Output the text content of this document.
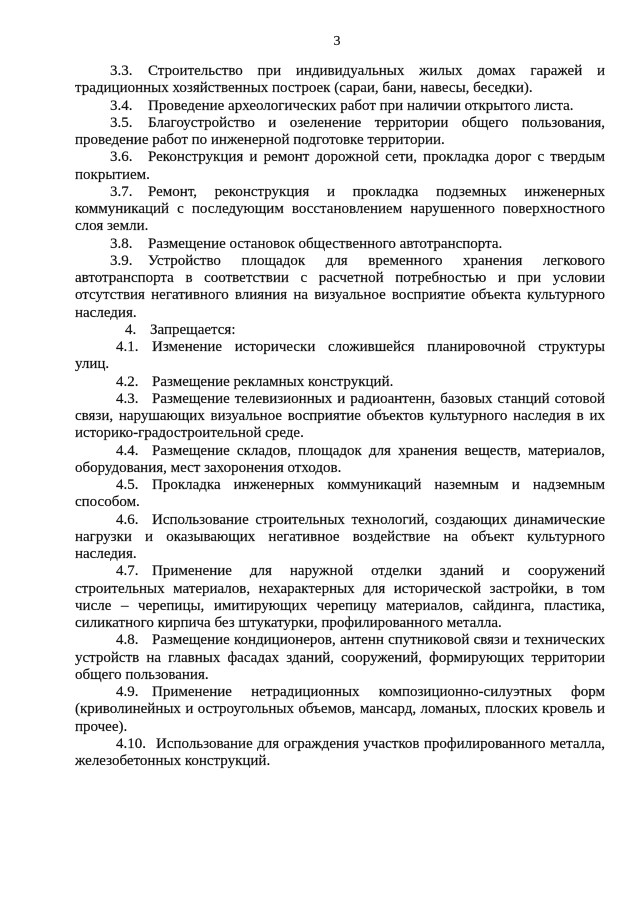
3
3.3.	Строительство при индивидуальных жилых домах гаражей и
традиционных хозяйственных построек (сараи, бани, навесы, беседки).
3.4.	Проведение археологических работ при наличии открытого листа.
3.5.	Благоустройство и озеленение территории общего пользования,
проведение работ по инженерной подготовке территории.
3.6.	Реконструкция и ремонт дорожной сети, прокладка дорог с твердым
покрытием.
3.7.	Ремонт, реконструкция и прокладка подземных инженерных
коммуникаций с последующим восстановлением нарушенного поверхностного
слоя земли.
3.8.	Размещение остановок общественного автотранспорта.
3.9.	Устройство площадок для временного хранения легкового
автотранспорта в соответствии с расчетной потребностью и при условии
отсутствия негативного влияния на визуальное восприятие объекта культурного
наследия.
4. Запрещается:
4.1. Изменение исторически сложившейся планировочной структуры
улиц.
4.2. Размещение рекламных конструкций.
4.3. Размещение телевизионных и радиоантенн, базовых станций сотовой
связи, нарушающих визуальное восприятие объектов культурного наследия в их
историко-градостроительной среде.
4.4. Размещение складов, площадок для хранения веществ, материалов,
оборудования, мест захоронения отходов.
4.5. Прокладка инженерных коммуникаций наземным и надземным
способом.
4.6. Использование строительных технологий, создающих динамические
нагрузки и оказывающих негативное воздействие на объект культурного
наследия.
4.7. Применение для наружной отделки зданий и сооружений
строительных материалов, нехарактерных для исторической застройки, в том
числе – черепицы, имитирующих черепицу материалов, сайдинга, пластика,
силикатного кирпича без штукатурки, профилированного металла.
4.8. Размещение кондиционеров, антенн спутниковой связи и технических
устройств на главных фасадах зданий, сооружений, формирующих территории
общего пользования.
4.9. Применение нетрадиционных композиционно-силуэтных форм
(криволинейных и остроугольных объемов, мансард, ломаных, плоских кровель и
прочее).
4.10. Использование для ограждения участков профилированного металла,
железобетонных конструкций.
